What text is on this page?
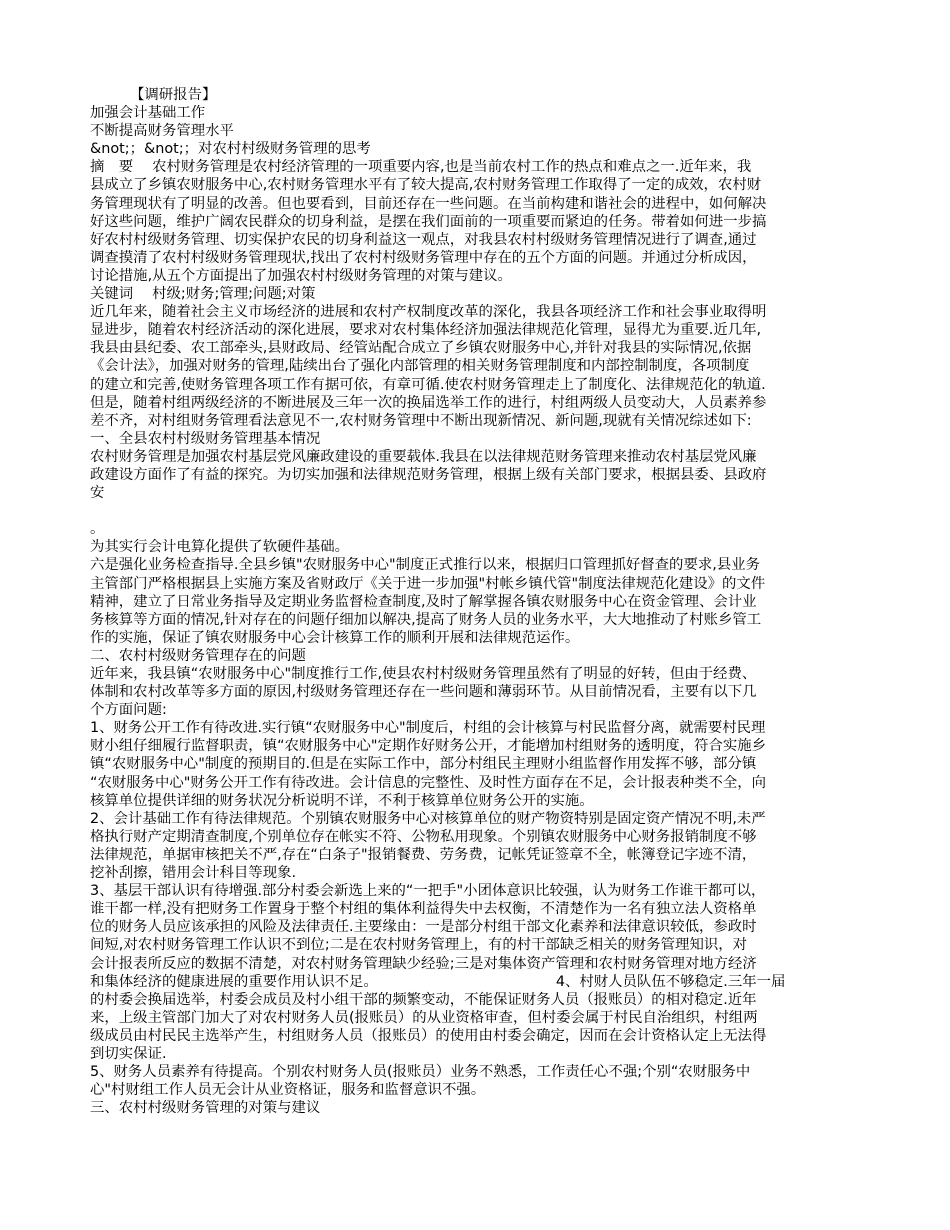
【调研报告】
加强会计基础工作
不断提高财务管理水平
&not;；&not;；对农村村级财务管理的思考
摘　要　 农村财务管理是农村经济管理的一项重要内容,也是当前农村工作的热点和难点之一.近年来，我
县成立了乡镇农财服务中心,农村财务管理水平有了较大提高,农村财务管理工作取得了一定的成效，农村财
务管理现状有了明显的改善。但也要看到，目前还存在一些问题。在当前构建和谐社会的进程中，如何解决
好这些问题，维护广阔农民群众的切身利益，是摆在我们面前的一项重要而紧迫的任务。带着如何进一步搞
好农村村级财务管理、切实保护农民的切身利益这一观点，对我县农村村级财务管理情况进行了调查,通过
调查摸清了农村村级财务管理现状,找出了农村村级财务管理中存在的五个方面的问题。并通过分析成因，
讨论措施,从五个方面提出了加强农村村级财务管理的对策与建议。
关键词　 村级;财务;管理;问题;对策
近几年来，随着社会主义市场经济的进展和农村产权制度改革的深化，我县各项经济工作和社会事业取得明
显进步，随着农村经济活动的深化进展，要求对农村集体经济加强法律规范化管理，显得尤为重要.近几年,
我县由县纪委、农工部牵头,县财政局、经管站配合成立了乡镇农财服务中心,并针对我县的实际情况,依据
《会计法》，加强对财务的管理,陆续出台了强化内部管理的相关财务管理制度和内部控制制度，各项制度
的建立和完善,使财务管理各项工作有据可依，有章可循.使农村财务管理走上了制度化、法律规范化的轨道.
但是，随着村组两级经济的不断进展及三年一次的换届选举工作的进行，村组两级人员变动大，人员素养参
差不齐，对村组财务管理看法意见不一,农村财务管理中不断出现新情况、新问题,现就有关情况综述如下:
一、全县农村村级财务管理基本情况
农村财务管理是加强农村基层党风廉政建设的重要载体.我县在以法律规范财务管理来推动农村基层党风廉
政建设方面作了有益的探究。为切实加强和法律规范财务管理，根据上级有关部门要求，根据县委、县政府
安

。
为其实行会计电算化提供了软硬件基础。
六是强化业务检查指导.全县乡镇"农财服务中心"制度正式推行以来，根据归口管理抓好督查的要求,县业务
主管部门严格根据县上实施方案及省财政厅《关于进一步加强"村帐乡镇代管"制度法律规范化建设》的文件
精神，建立了日常业务指导及定期业务监督检查制度,及时了解掌握各镇农财服务中心在资金管理、会计业
务核算等方面的情况,针对存在的问题仔细加以解决,提高了财务人员的业务水平，大大地推动了村账乡管工
作的实施，保证了镇农财服务中心会计核算工作的顺利开展和法律规范运作。
二、农村村级财务管理存在的问题
近年来，我县镇“农财服务中心"制度推行工作,使县农村村级财务管理虽然有了明显的好转，但由于经费、
体制和农村改革等多方面的原因,村级财务管理还存在一些问题和薄弱环节。从目前情况看，主要有以下几
个方面问题:
1、财务公开工作有待改进.实行镇“农财服务中心"制度后，村组的会计核算与村民监督分离，就需要村民理
财小组仔细履行监督职责，镇“农财服务中心"定期作好财务公开，才能增加村组财务的透明度，符合实施乡
镇“农财服务中心"制度的预期目的.但是在实际工作中，部分村组民主理财小组监督作用发挥不够，部分镇
“农财服务中心"财务公开工作有待改进。会计信息的完整性、及时性方面存在不足，会计报表种类不全，向
核算单位提供详细的财务状况分析说明不详，不利于核算单位财务公开的实施。
2、会计基础工作有待法律规范。个别镇农财服务中心对核算单位的财产物资特别是固定资产情况不明,未严
格执行财产定期清查制度,个别单位存在帐实不符、公物私用现象。个别镇农财服务中心财务报销制度不够
法律规范，单据审核把关不严,存在“白条子"报销餐费、劳务费，记帐凭证签章不全，帐簿登记字迹不清，
挖补刮擦，错用会计科目等现象.
3、基层干部认识有待增强.部分村委会新选上来的“一把手"小团体意识比较强，认为财务工作谁干都可以，
谁干都一样,没有把财务工作置身于整个村组的集体利益得失中去权衡，不清楚作为一名有独立法人资格单
位的财务人员应该承担的风险及法律责任.主要缘由：一是部分村组干部文化素养和法律意识较低，参政时
间短,对农村财务管理工作认识不到位;二是在农村财务管理上，有的村干部缺乏相关的财务管理知识，对
会计报表所反应的数据不清楚，对农村财务管理缺少经验;三是对集体资产管理和农村财务管理对地方经济
和集体经济的健康进展的重要作用认识不足。	4、村财人员队伍不够稳定.三年一届
的村委会换届选举，村委会成员及村小组干部的频繁变动，不能保证财务人员（报账员）的相对稳定.近年
来，上级主管部门加大了对农村财务人员(报账员）的从业资格审查，但村委会属于村民自治组织，村组两
级成员由村民民主选举产生，村组财务人员（报账员）的使用由村委会确定，因而在会计资格认定上无法得
到切实保证.
5、财务人员素养有待提高。个别农村财务人员(报账员）业务不熟悉，工作责任心不强;个别“农财服务中
心"村财组工作人员无会计从业资格证，服务和监督意识不强。
三、农村村级财务管理的对策与建议
